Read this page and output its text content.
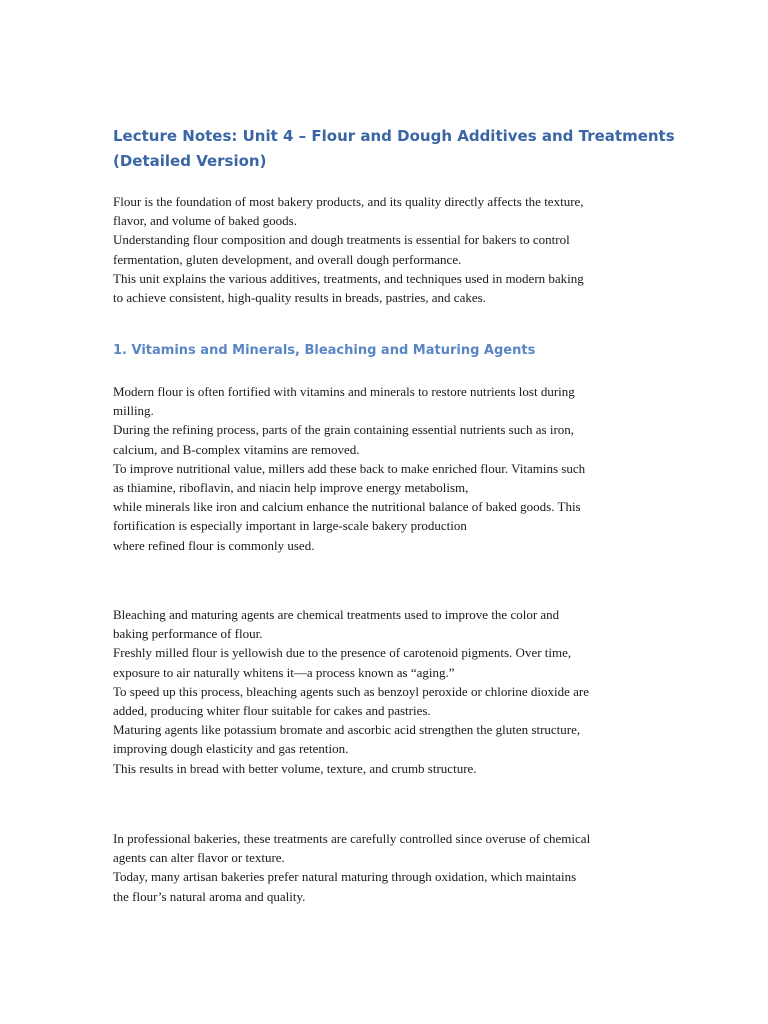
Lecture Notes: Unit 4 – Flour and Dough Additives and Treatments
(Detailed Version)

Flour is the foundation of most bakery products, and its quality directly affects the texture,
flavor, and volume of baked goods.
Understanding flour composition and dough treatments is essential for bakers to control
fermentation, gluten development, and overall dough performance.
This unit explains the various additives, treatments, and techniques used in modern baking
to achieve consistent, high-quality results in breads, pastries, and cakes.

1. Vitamins and Minerals, Bleaching and Maturing Agents

Modern flour is often fortified with vitamins and minerals to restore nutrients lost during
milling.
During the refining process, parts of the grain containing essential nutrients such as iron,
calcium, and B-complex vitamins are removed.
To improve nutritional value, millers add these back to make enriched flour. Vitamins such
as thiamine, riboflavin, and niacin help improve energy metabolism,
while minerals like iron and calcium enhance the nutritional balance of baked goods. This
fortification is especially important in large-scale bakery production
where refined flour is commonly used.

Bleaching and maturing agents are chemical treatments used to improve the color and
baking performance of flour.
Freshly milled flour is yellowish due to the presence of carotenoid pigments. Over time,
exposure to air naturally whitens it—a process known as “aging.”
To speed up this process, bleaching agents such as benzoyl peroxide or chlorine dioxide are
added, producing whiter flour suitable for cakes and pastries.
Maturing agents like potassium bromate and ascorbic acid strengthen the gluten structure,
improving dough elasticity and gas retention.
This results in bread with better volume, texture, and crumb structure.

In professional bakeries, these treatments are carefully controlled since overuse of chemical
agents can alter flavor or texture.
Today, many artisan bakeries prefer natural maturing through oxidation, which maintains
the flour’s natural aroma and quality.
